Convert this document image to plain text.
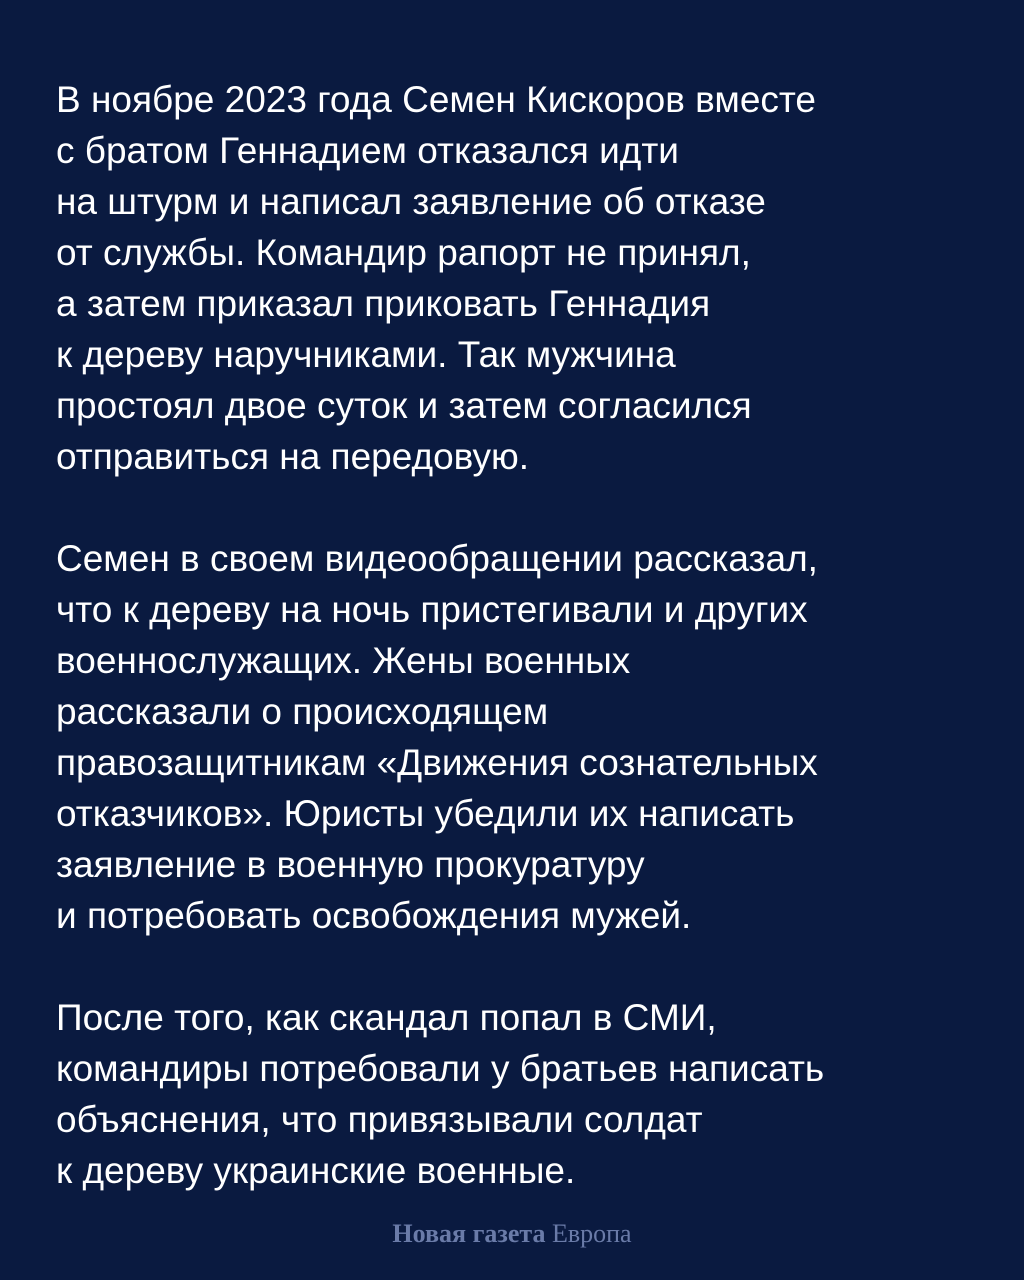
В ноябре 2023 года Семен Кискоров вместе
с братом Геннадием отказался идти
на штурм и написал заявление об отказе
от службы. Командир рапорт не принял,
а затем приказал приковать Геннадия
к дереву наручниками. Так мужчина
простоял двое суток и затем согласился
отправиться на передовую.

Семен в своем видеообращении рассказал,
что к дереву на ночь пристегивали и других
военнослужащих. Жены военных
рассказали о происходящем
правозащитникам «Движения сознательных
отказчиков». Юристы убедили их написать
заявление в военную прокуратуру
и потребовать освобождения мужей.

После того, как скандал попал в СМИ,
командиры потребовали у братьев написать
объяснения, что привязывали солдат
к дереву украинские военные.

Новая газета Европа
